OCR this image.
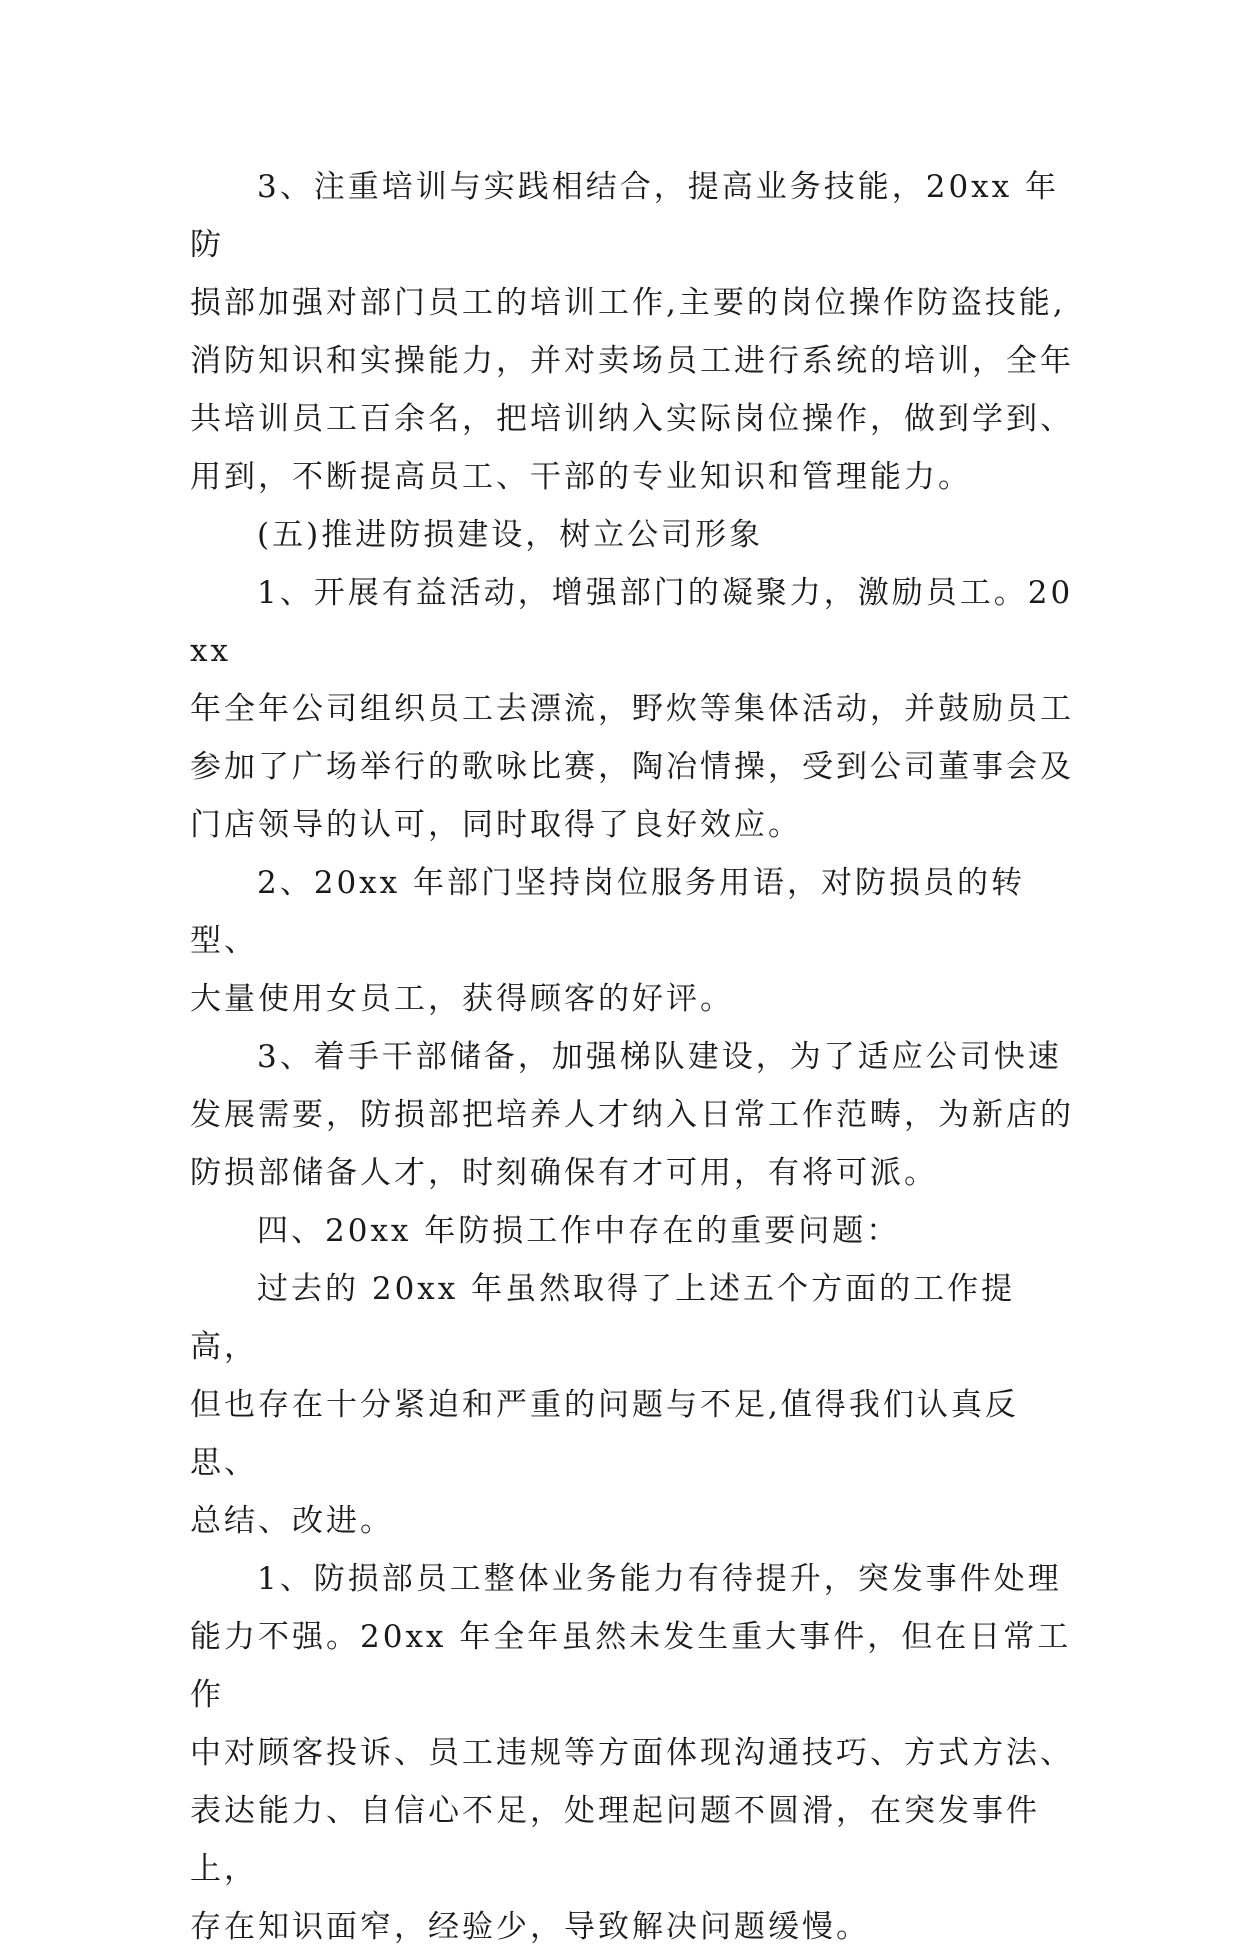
3、注重培训与实践相结合，提高业务技能，20xx 年防
损部加强对部门员工的培训工作,主要的岗位操作防盗技能,
消防知识和实操能力，并对卖场员工进行系统的培训，全年
共培训员工百余名，把培训纳入实际岗位操作，做到学到、
用到，不断提高员工、干部的专业知识和管理能力。

(五)推进防损建设，树立公司形象

1、开展有益活动，增强部门的凝聚力，激励员工。20xx
年全年公司组织员工去漂流，野炊等集体活动，并鼓励员工
参加了广场举行的歌咏比赛，陶冶情操，受到公司董事会及
门店领导的认可，同时取得了良好效应。

2、20xx 年部门坚持岗位服务用语，对防损员的转型、
大量使用女员工，获得顾客的好评。

3、着手干部储备，加强梯队建设，为了适应公司快速
发展需要，防损部把培养人才纳入日常工作范畴，为新店的
防损部储备人才，时刻确保有才可用，有将可派。

四、20xx 年防损工作中存在的重要问题：

过去的 20xx 年虽然取得了上述五个方面的工作提高，
但也存在十分紧迫和严重的问题与不足,值得我们认真反思、
总结、改进。

1、防损部员工整体业务能力有待提升，突发事件处理
能力不强。20xx 年全年虽然未发生重大事件，但在日常工作
中对顾客投诉、员工违规等方面体现沟通技巧、方式方法、
表达能力、自信心不足，处理起问题不圆滑，在突发事件上，
存在知识面窄，经验少，导致解决问题缓慢。
